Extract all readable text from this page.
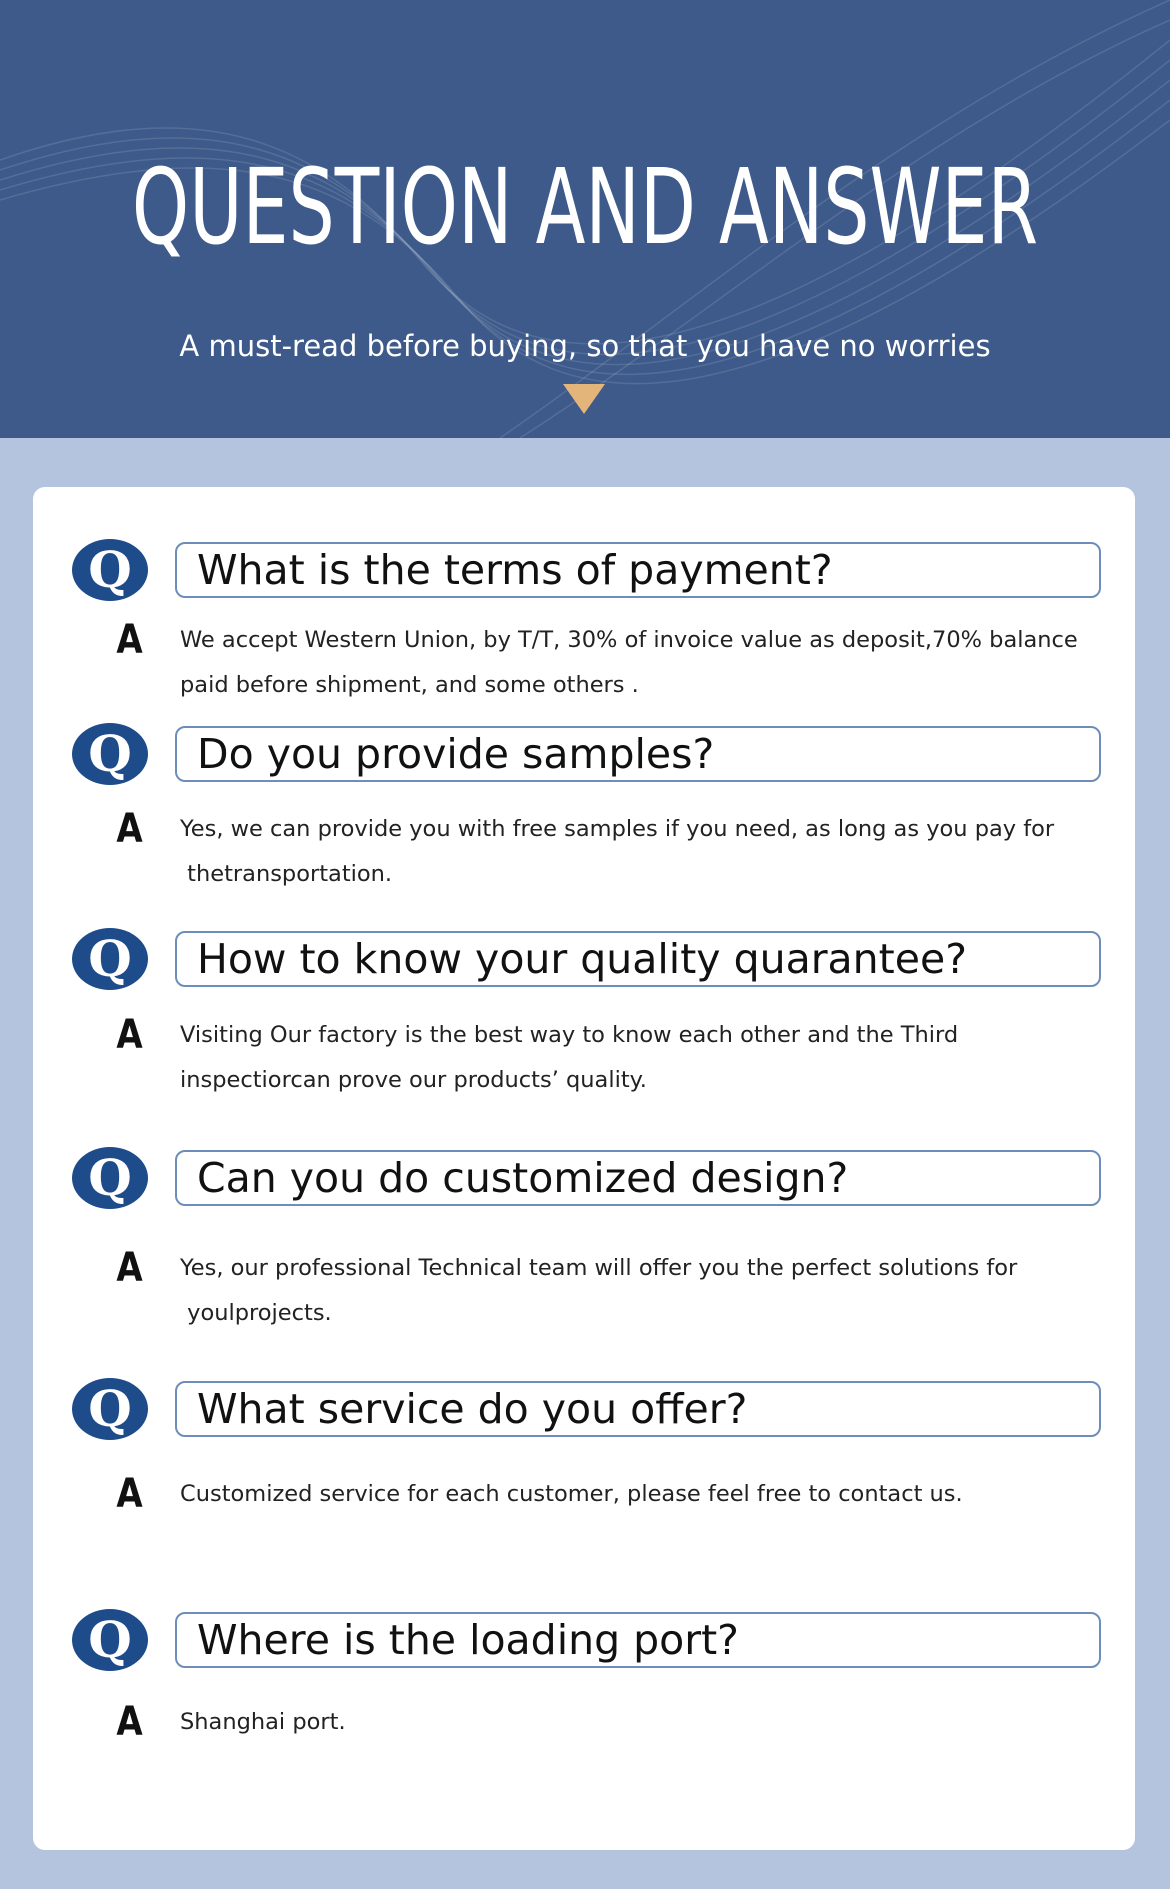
QUESTION AND ANSWER
A must-read before buying, so that you have no worries
Q	What is the terms of payment?
A We accept Western Union, by T/T, 30% of invoice value as deposit,70% balance
paid before shipment, and some others .
Q	Do you provide samples?
A Yes, we can provide you with free samples if you need, as long as you pay for
thetransportation.
Q	How to know your quality quarantee?
A Visiting Our factory is the best way to know each other and the Third
inspectiorcan prove our products’ quality.
Q	Can you do customized design?
A Yes, our professional Technical team will offer you the perfect solutions for
youlprojects.
Q	What service do you offer?
A Customized service for each customer, please feel free to contact us.
Q	Where is the loading port?
A Shanghai port.
